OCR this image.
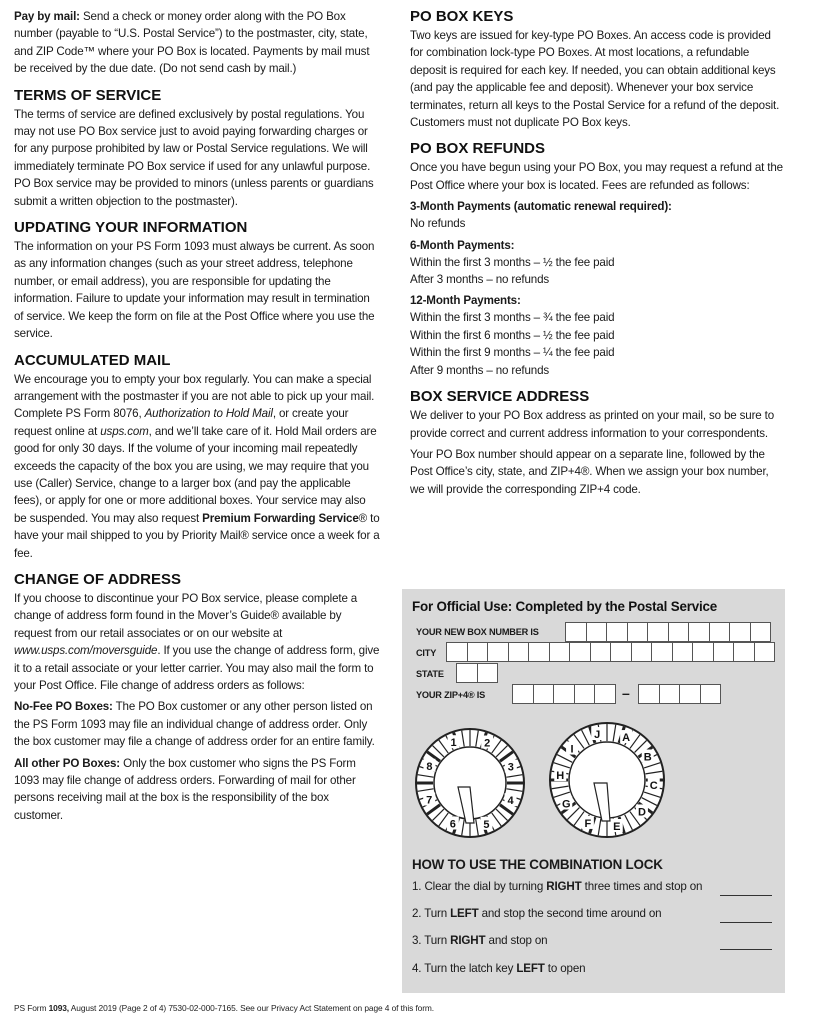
Pay by mail: Send a check or money order along with the PO Box number (payable to “U.S. Postal Service”) to the postmaster, city, state, and ZIP Code™ where your PO Box is located. Payments by mail must be received by the due date. (Do not send cash by mail.)

TERMS OF SERVICE

The terms of service are defined exclusively by postal regulations. You may not use PO Box service just to avoid paying forwarding charges or for any purpose prohibited by law or Postal Service regulations. We will immediately terminate PO Box service if used for any unlawful purpose. PO Box service may be provided to minors (unless parents or guardians submit a written objection to the postmaster).

UPDATING YOUR INFORMATION

The information on your PS Form 1093 must always be current. As soon as any information changes (such as your street address, telephone number, or email address), you are responsible for updating the information. Failure to update your information may result in termination of service. We keep the form on file at the Post Office where you use the service.

ACCUMULATED MAIL

We encourage you to empty your box regularly. You can make a special arrangement with the postmaster if you are not able to pick up your mail. Complete PS Form 8076, Authorization to Hold Mail, or create your request online at usps.com, and we’ll take care of it. Hold Mail orders are good for only 30 days. If the volume of your incoming mail repeatedly exceeds the capacity of the box you are using, we may require that you use (Caller) Service, change to a larger box (and pay the applicable fees), or apply for one or more additional boxes. Your service may also be suspended. You may also request Premium Forwarding Service® to have your mail shipped to you by Priority Mail® service once a week for a fee.

CHANGE OF ADDRESS

If you choose to discontinue your PO Box service, please complete a change of address form found in the Mover’s Guide® available by request from our retail associates or on our website at www.usps.com/moversguide. If you use the change of address form, give it to a retail associate or your letter carrier. You may also mail the form to your Post Office. File change of address orders as follows:

No-Fee PO Boxes: The PO Box customer or any other person listed on the PS Form 1093 may file an individual change of address order. Only the box customer may file a change of address order for an entire family.

All other PO Boxes: Only the box customer who signs the PS Form 1093 may file change of address orders. Forwarding of mail for other persons receiving mail at the box is the responsibility of the box customer.

PO BOX KEYS

Two keys are issued for key-type PO Boxes. An access code is provided for combination lock-type PO Boxes. At most locations, a refundable deposit is required for each key. If needed, you can obtain additional keys (and pay the applicable fee and deposit). Whenever your box service terminates, return all keys to the Postal Service for a refund of the deposit. Customers must not duplicate PO Box keys.

PO BOX REFUNDS

Once you have begun using your PO Box, you may request a refund at the Post Office where your box is located. Fees are refunded as follows:

3-Month Payments (automatic renewal required):
No refunds
6-Month Payments:
Within the first 3 months – ½ the fee paid
After 3 months – no refunds
12-Month Payments:
Within the first 3 months – ¾ the fee paid
Within the first 6 months – ½ the fee paid
Within the first 9 months – ¼ the fee paid
After 9 months – no refunds
BOX SERVICE ADDRESS

We deliver to your PO Box address as printed on your mail, so be sure to provide correct and current address information to your correspondents.

Your PO Box number should appear on a separate line, followed by the Post Office’s city, state, and ZIP+4®. When we assign your box number, we will provide the corresponding ZIP+4 code.

For Official Use: Completed by the Postal Service
YOUR NEW BOX NUMBER IS
CITY
STATE
YOUR ZIP+4® IS	–
1	2
3
4
5
6
7
8
A
B
C
D
E
F
G
H
I
J
HOW TO USE THE COMBINATION LOCK
1. Clear the dial by turning RIGHT three times and stop on
2. Turn LEFT and stop the second time around on
3. Turn RIGHT and stop on
4. Turn the latch key LEFT to open
PS Form 1093, August 2019 (Page 2 of 4) 7530-02-000-7165. See our Privacy Act Statement on page 4 of this form.
